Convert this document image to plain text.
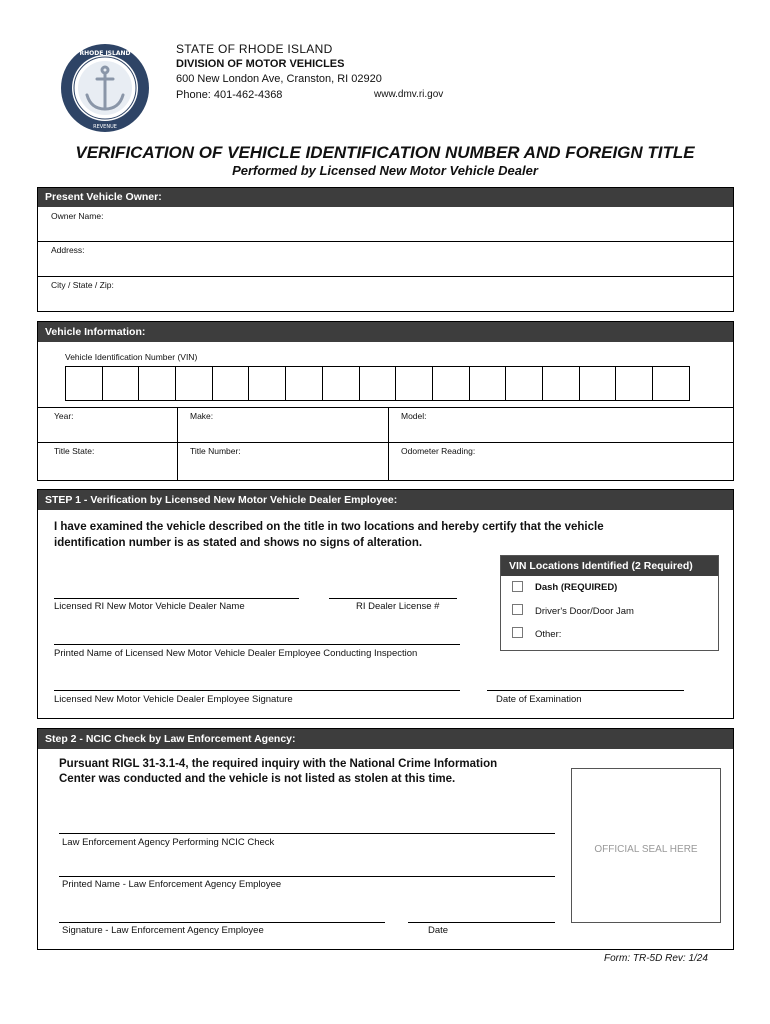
RHODE ISLAND
REVENUE
STATE OF RHODE ISLAND
DIVISION OF MOTOR VEHICLES
600 New London Ave, Cranston, RI 02920
Phone: 401-462-4368	www.dmv.ri.gov
VERIFICATION OF VEHICLE IDENTIFICATION NUMBER AND FOREIGN TITLE
Performed by Licensed New Motor Vehicle Dealer
Present Vehicle Owner:
Owner Name:
Address:
City / State / Zip:
Vehicle Information:
Vehicle Identification Number (VIN)
Year:	Make:	Model:
Title State:	Title Number:	Odometer Reading:
STEP 1 - Verification by Licensed New Motor Vehicle Dealer Employee:
I have examined the vehicle described on the title in two locations and hereby certify that the vehicle
identification number is as stated and shows no signs of alteration.
VIN Locations Identified (2 Required)
Dash (REQUIRED)
Driver's Door/Door Jam
Other:
Licensed RI New Motor Vehicle Dealer Name	RI Dealer License #
Printed Name of Licensed New Motor Vehicle Dealer Employee Conducting Inspection
Licensed New Motor Vehicle Dealer Employee Signature	Date of Examination
Step 2 - NCIC Check by Law Enforcement Agency:
Pursuant RIGL 31-3.1-4, the required inquiry with the National Crime Information
Center was conducted and the vehicle is not listed as stolen at this time.
Law Enforcement Agency Performing NCIC Check
Printed Name - Law Enforcement Agency Employee
Signature - Law Enforcement Agency Employee	Date
OFFICIAL SEAL HERE
Form: TR-5D Rev: 1/24
